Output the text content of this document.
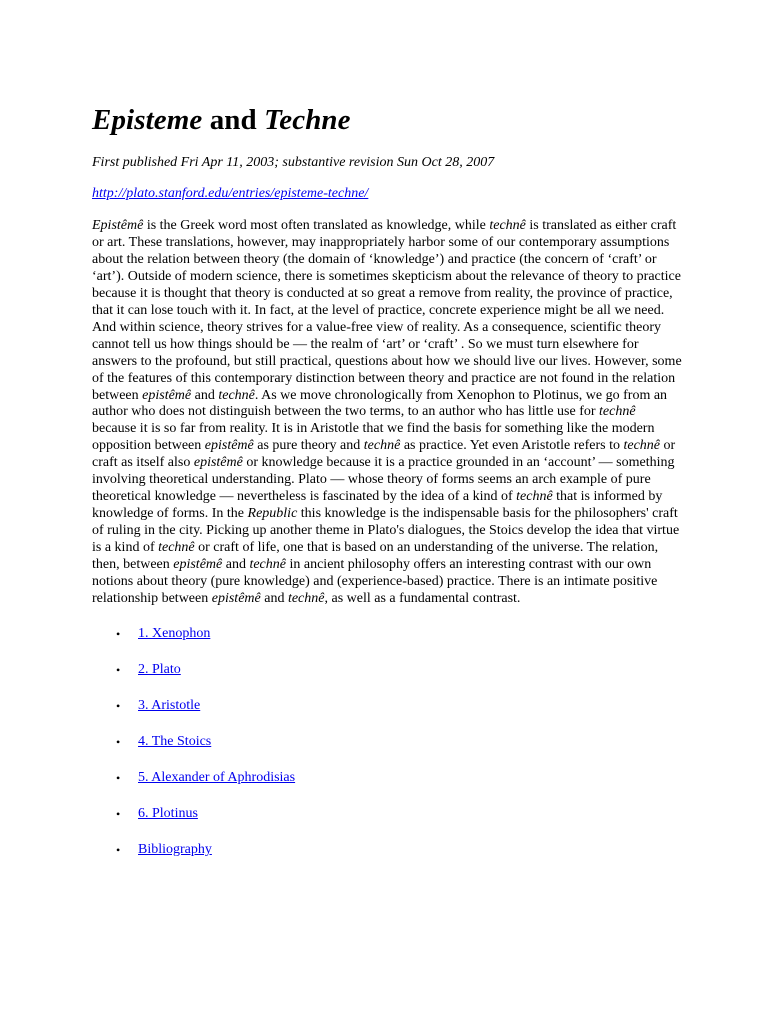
Episteme and Techne
First published Fri Apr 11, 2003; substantive revision Sun Oct 28, 2007
http://plato.stanford.edu/entries/episteme-techne/
Epistêmê is the Greek word most often translated as knowledge, while technê is translated as either craft or art. These translations, however, may inappropriately harbor some of our contemporary assumptions about the relation between theory (the domain of ‘knowledge’) and practice (the concern of ‘craft’ or ‘art’). Outside of modern science, there is sometimes skepticism about the relevance of theory to practice because it is thought that theory is conducted at so great a remove from reality, the province of practice, that it can lose touch with it. In fact, at the level of practice, concrete experience might be all we need. And within science, theory strives for a value-free view of reality. As a consequence, scientific theory cannot tell us how things should be — the realm of ‘art’ or ‘craft’ . So we must turn elsewhere for answers to the profound, but still practical, questions about how we should live our lives. However, some of the features of this contemporary distinction between theory and practice are not found in the relation between epistêmê and technê. As we move chronologically from Xenophon to Plotinus, we go from an author who does not distinguish between the two terms, to an author who has little use for technê because it is so far from reality. It is in Aristotle that we find the basis for something like the modern opposition between epistêmê as pure theory and technê as practice. Yet even Aristotle refers to technê or craft as itself also epistêmê or knowledge because it is a practice grounded in an ‘account’ — something involving theoretical understanding. Plato — whose theory of forms seems an arch example of pure theoretical knowledge — nevertheless is fascinated by the idea of a kind of technê that is informed by knowledge of forms. In the Republic this knowledge is the indispensable basis for the philosophers' craft of ruling in the city. Picking up another theme in Plato's dialogues, the Stoics develop the idea that virtue is a kind of technê or craft of life, one that is based on an understanding of the universe. The relation, then, between epistêmê and technê in ancient philosophy offers an interesting contrast with our own notions about theory (pure knowledge) and (experience-based) practice. There is an intimate positive relationship between epistêmê and technê, as well as a fundamental contrast.
• 1. Xenophon
• 2. Plato
• 3. Aristotle
• 4. The Stoics
• 5. Alexander of Aphrodisias
• 6. Plotinus
• Bibliography
